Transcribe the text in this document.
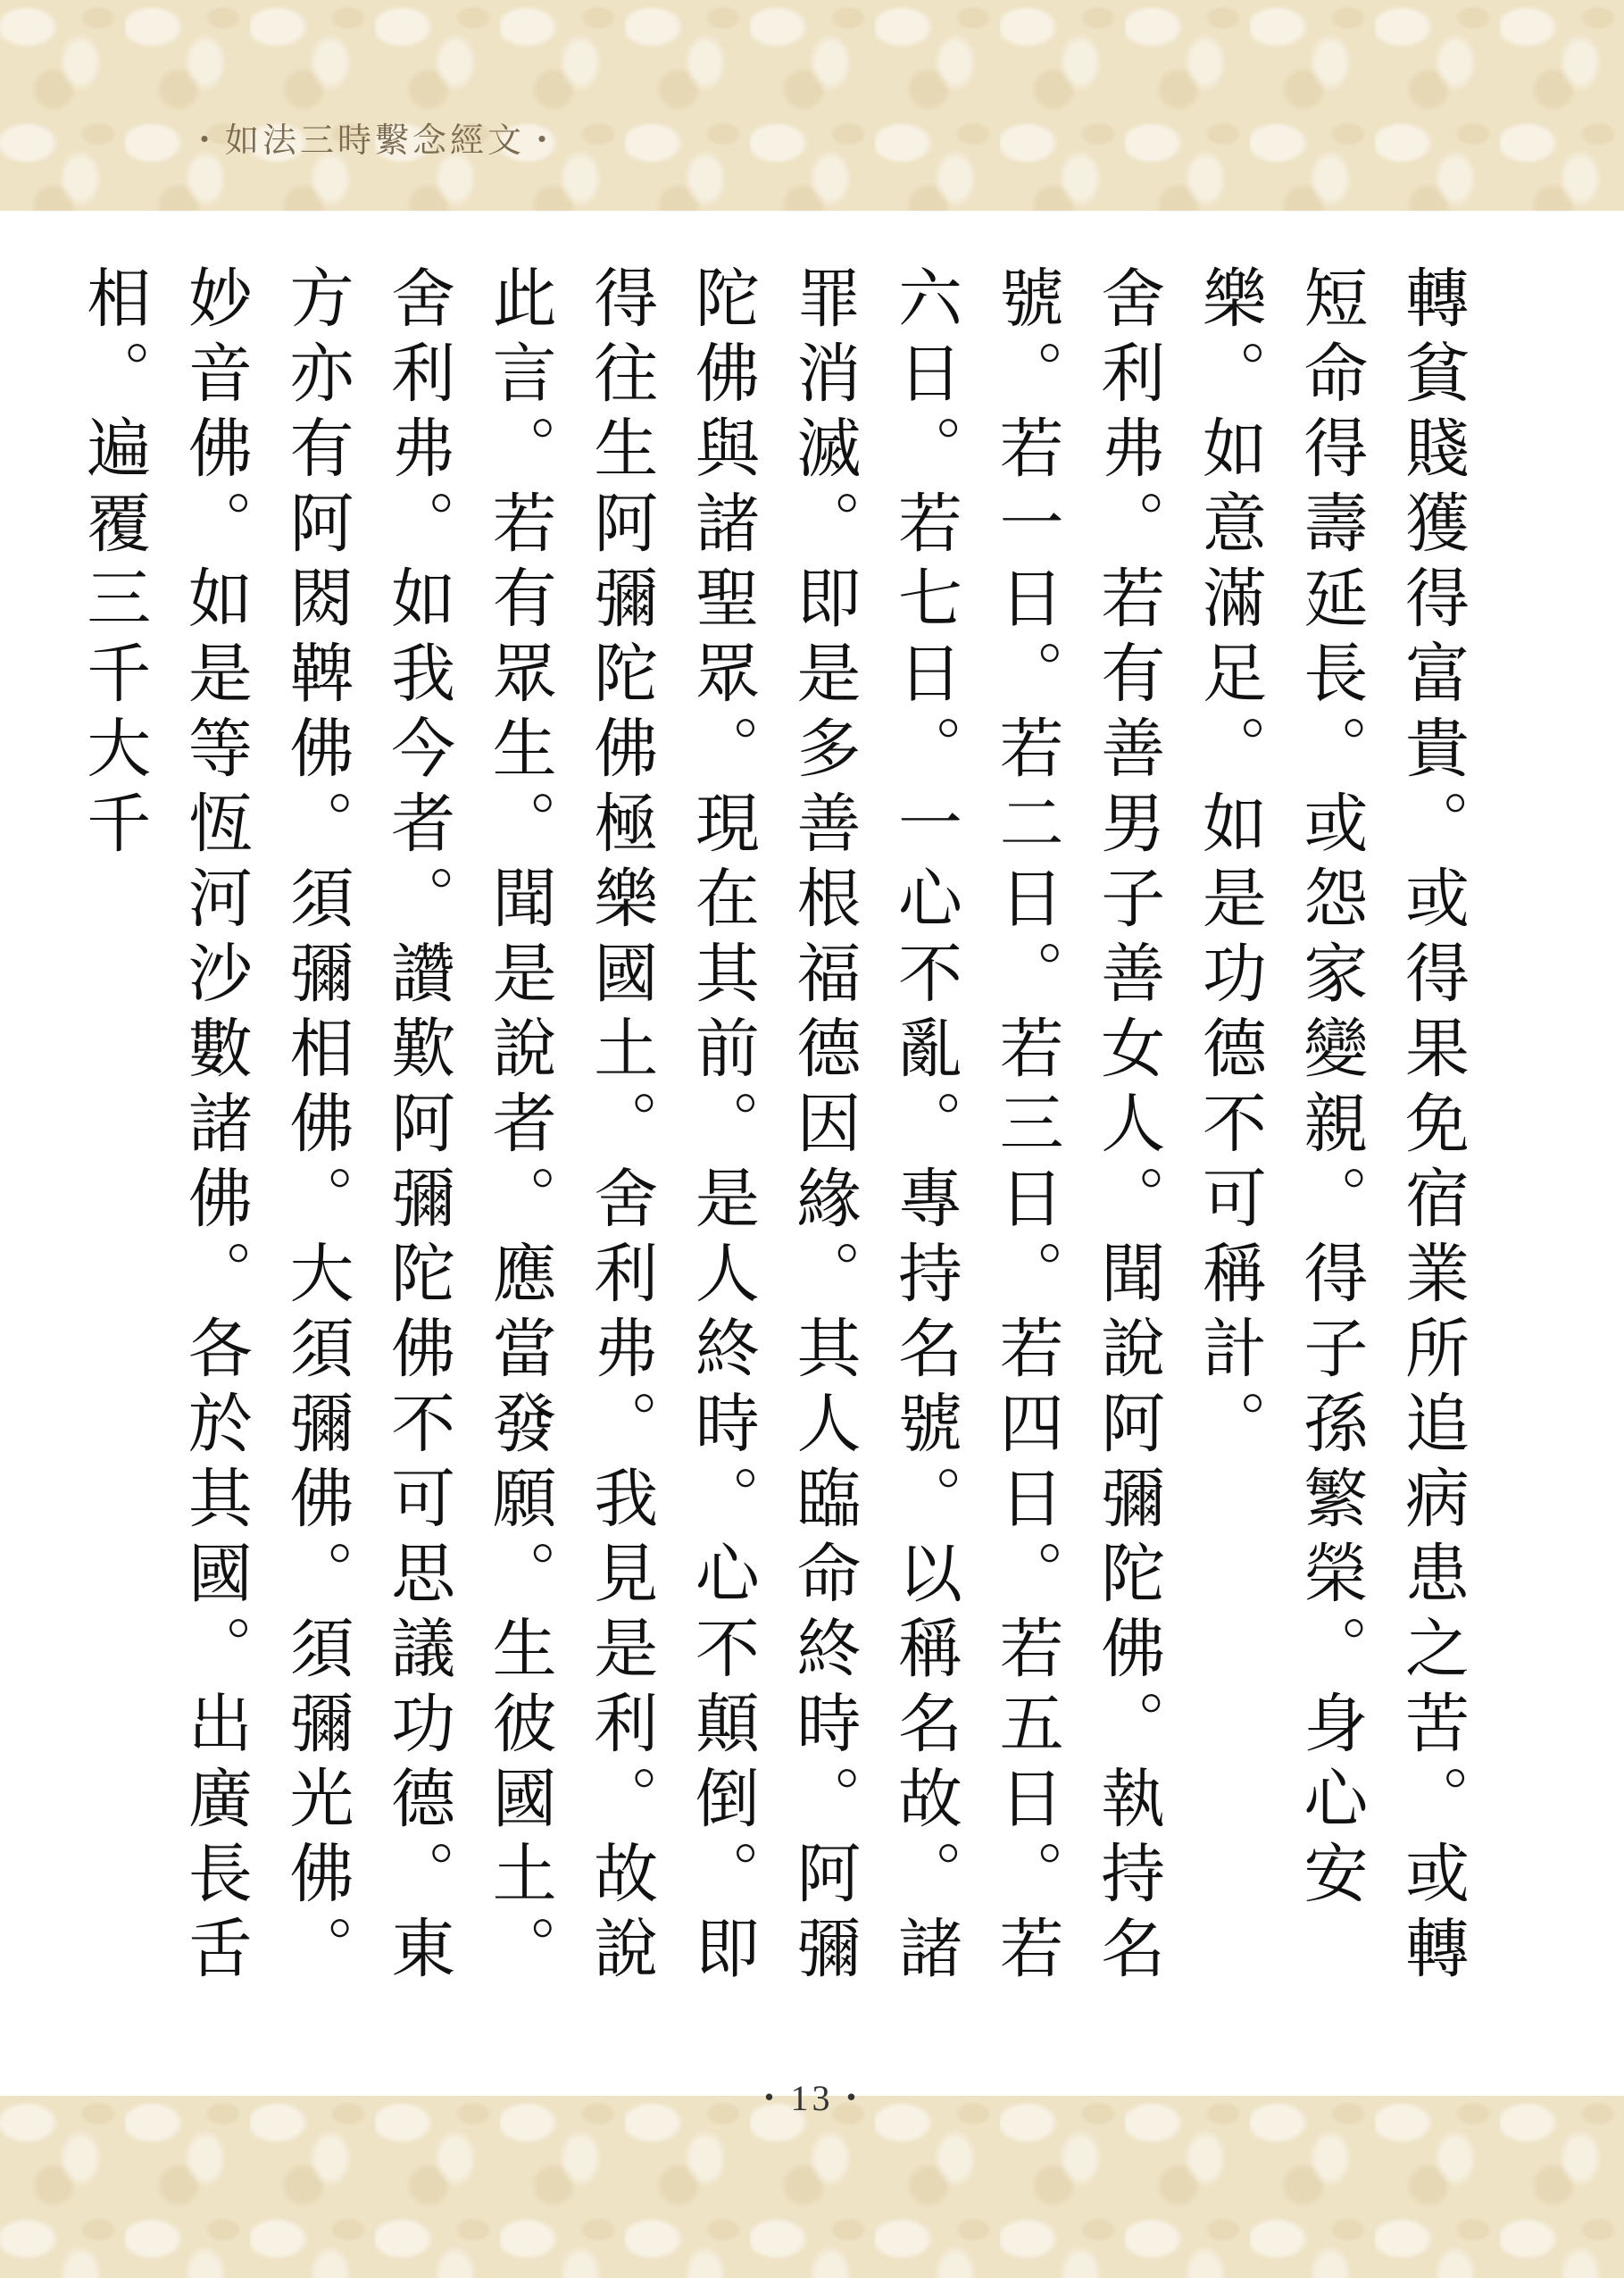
・如法三時繫念經文・

轉貧賤獲得富貴。或得果免宿業所追病患之苦。或轉短命得壽延長。或怨家變親。得子孫繁榮。身心安樂。如意滿足。如是功德不可稱計。

舍利弗。若有善男子善女人。聞說阿彌陀佛。執持名號。若一日。若二日。若三日。若四日。若五日。若六日。若七日。一心不亂。專持名號。以稱名故。諸罪消滅。即是多善根福德因緣。其人臨命終時。阿彌陀佛與諸聖眾。現在其前。是人終時。心不顛倒。即得往生阿彌陀佛極樂國土。舍利弗。我見是利。故說此言。若有眾生。聞是說者。應當發願。生彼國土。舍利弗。如我今者。讚歎阿彌陀佛不可思議功德。東方亦有阿閦鞞佛。須彌相佛。大須彌佛。須彌光佛。妙音佛。如是等恆河沙數諸佛。各於其國。出廣長舌相。遍覆三千大千

・13・
